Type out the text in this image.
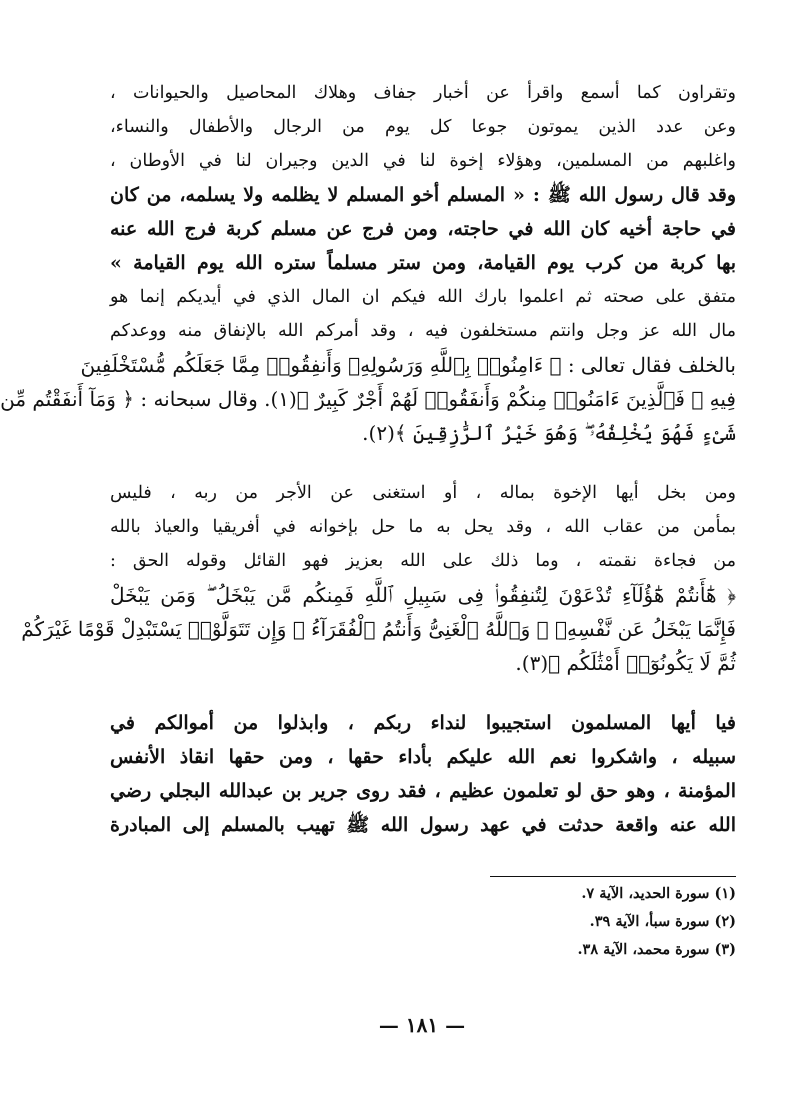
وتقراون كما أسمع واقرأ عن أخبار جفاف وهلاك المحاصيل والحيوانات ،
وعن عدد الذين يموتون جوعا كل يوم من الرجال والأطفال والنساء،
واغلبهم من المسلمين، وهؤلاء إخوة لنا في الدين وجيران لنا في الأوطان ،
وقد قال رسول الله ﷺ : « المسلم أخو المسلم لا يظلمه ولا يسلمه، من كان
في حاجة أخيه كان الله في حاجته، ومن فرج عن مسلم كربة فرج الله عنه
بها كربة من كرب يوم القيامة، ومن ستر مسلماً ستره الله يوم القيامة »
متفق على صحته ثم اعلموا بارك الله فيكم ان المال الذي في أيديكم إنما هو
مال الله عز وجل وانتم مستخلفون فيه ، وقد أمركم الله بالإنفاق منه ووعدكم
بالخلف فقال تعالى : ﴿ ءَامِنُوا۟ بِٱللَّهِ وَرَسُولِهِۦ وَأَنفِقُوا۟ مِمَّا جَعَلَكُم مُّسْتَخْلَفِينَ
فِيهِ ۖ فَٱلَّذِينَ ءَامَنُوا۟ مِنكُمْ وَأَنفَقُوا۟ لَهُمْ أَجْرٌ كَبِيرٌ ﴾(١). وقال سبحانه : ﴿ وَمَآ أَنفَقْتُم مِّن
شَىْءٍ فَهُوَ يُخْلِفُهُۥ ۖ وَهُوَ خَيْرُ ٱلرَّٰزِقِينَ ﴾(٢).
ومن بخل أيها الإخوة بماله ، أو استغنى عن الأجر من ربه ، فليس
بمأمن من عقاب الله ، وقد يحل به ما حل بإخوانه في أفريقيا والعياذ بالله
من فجاءة نقمته ، وما ذلك على الله بعزيز فهو القائل وقوله الحق :
﴿ هَٰٓأَنتُمْ هَٰٓؤُلَآءِ تُدْعَوْنَ لِتُنفِقُوا۟ فِى سَبِيلِ ٱللَّهِ فَمِنكُم مَّن يَبْخَلُ ۖ وَمَن يَبْخَلْ
فَإِنَّمَا يَبْخَلُ عَن نَّفْسِهِۦ ۚ وَٱللَّهُ ٱلْغَنِىُّ وَأَنتُمُ ٱلْفُقَرَآءُ ۚ وَإِن تَتَوَلَّوْا۟ يَسْتَبْدِلْ قَوْمًا غَيْرَكُمْ
ثُمَّ لَا يَكُونُوٓا۟ أَمْثَٰلَكُم ﴾(٣).
فيا أيها المسلمون استجيبوا لنداء ربكم ، وابذلوا من أموالكم في
سبيله ، واشكروا نعم الله عليكم بأداء حقها ، ومن حقها انقاذ الأنفس
المؤمنة ، وهو حق لو تعلمون عظيم ، فقد روى جرير بن عبدالله البجلي رضي
الله عنه واقعة حدثت في عهد رسول الله ﷺ تهيب بالمسلم إلى المبادرة
(١) سورة الحديد، الآية ٧.
(٢) سورة سبأ، الآية ٣٩.
(٣) سورة محمد، الآية ٣٨.
— ١٨١ —
